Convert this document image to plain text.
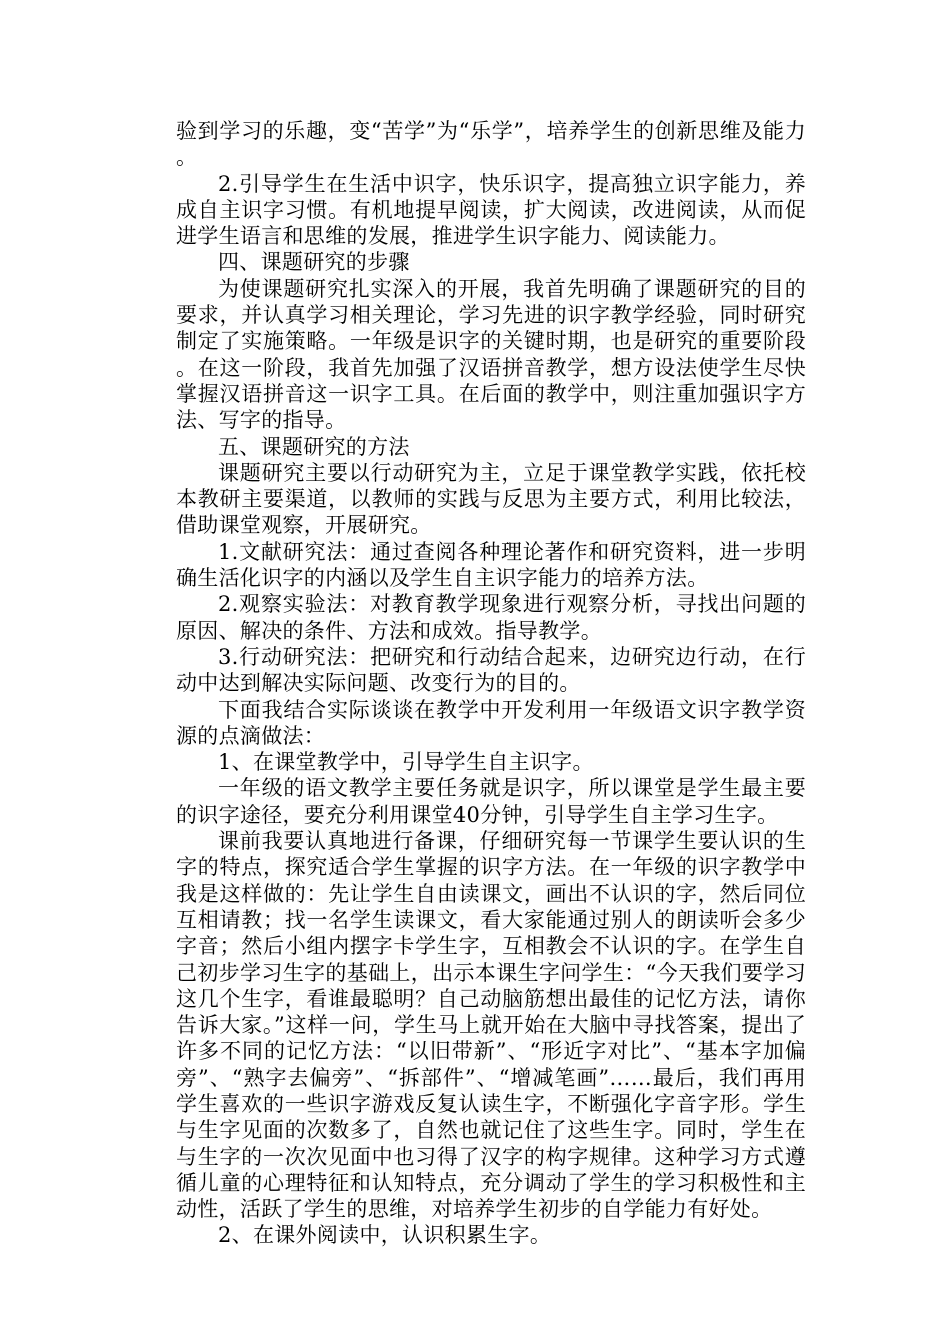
验到学习的乐趣，变“苦学”为“乐学”，培养学生的创新思维及能力。

2.引导学生在生活中识字，快乐识字，提高独立识字能力，养成自主识字习惯。有机地提早阅读，扩大阅读，改进阅读，从而促进学生语言和思维的发展，推进学生识字能力、阅读能力。

四、课题研究的步骤

为使课题研究扎实深入的开展，我首先明确了课题研究的目的要求，并认真学习相关理论，学习先进的识字教学经验，同时研究制定了实施策略。一年级是识字的关键时期，也是研究的重要阶段。在这一阶段，我首先加强了汉语拼音教学，想方设法使学生尽快掌握汉语拼音这一识字工具。在后面的教学中，则注重加强识字方法、写字的指导。

五、课题研究的方法

课题研究主要以行动研究为主，立足于课堂教学实践，依托校本教研主要渠道，以教师的实践与反思为主要方式，利用比较法，借助课堂观察，开展研究。

1.文献研究法：通过查阅各种理论著作和研究资料，进一步明确生活化识字的内涵以及学生自主识字能力的培养方法。

2.观察实验法：对教育教学现象进行观察分析，寻找出问题的原因、解决的条件、方法和成效。指导教学。

3.行动研究法：把研究和行动结合起来，边研究边行动，在行动中达到解决实际问题、改变行为的目的。

下面我结合实际谈谈在教学中开发利用一年级语文识字教学资源的点滴做法：

1、在课堂教学中，引导学生自主识字。

一年级的语文教学主要任务就是识字，所以课堂是学生最主要的识字途径，要充分利用课堂40分钟，引导学生自主学习生字。

课前我要认真地进行备课，仔细研究每一节课学生要认识的生字的特点，探究适合学生掌握的识字方法。在一年级的识字教学中我是这样做的：先让学生自由读课文，画出不认识的字，然后同位互相请教；找一名学生读课文，看大家能通过别人的朗读听会多少字音；然后小组内摆字卡学生字，互相教会不认识的字。在学生自己初步学习生字的基础上，出示本课生字问学生：“今天我们要学习这几个生字，看谁最聪明？自己动脑筋想出最佳的记忆方法，请你告诉大家。”这样一问，学生马上就开始在大脑中寻找答案，提出了许多不同的记忆方法：“以旧带新”、“形近字对比”、“基本字加偏旁”、“熟字去偏旁”、“拆部件”、“增减笔画”……最后，我们再用学生喜欢的一些识字游戏反复认读生字，不断强化字音字形。学生与生字见面的次数多了，自然也就记住了这些生字。同时，学生在与生字的一次次见面中也习得了汉字的构字规律。这种学习方式遵循儿童的心理特征和认知特点，充分调动了学生的学习积极性和主动性，活跃了学生的思维，对培养学生初步的自学能力有好处。

2、在课外阅读中，认识积累生字。
